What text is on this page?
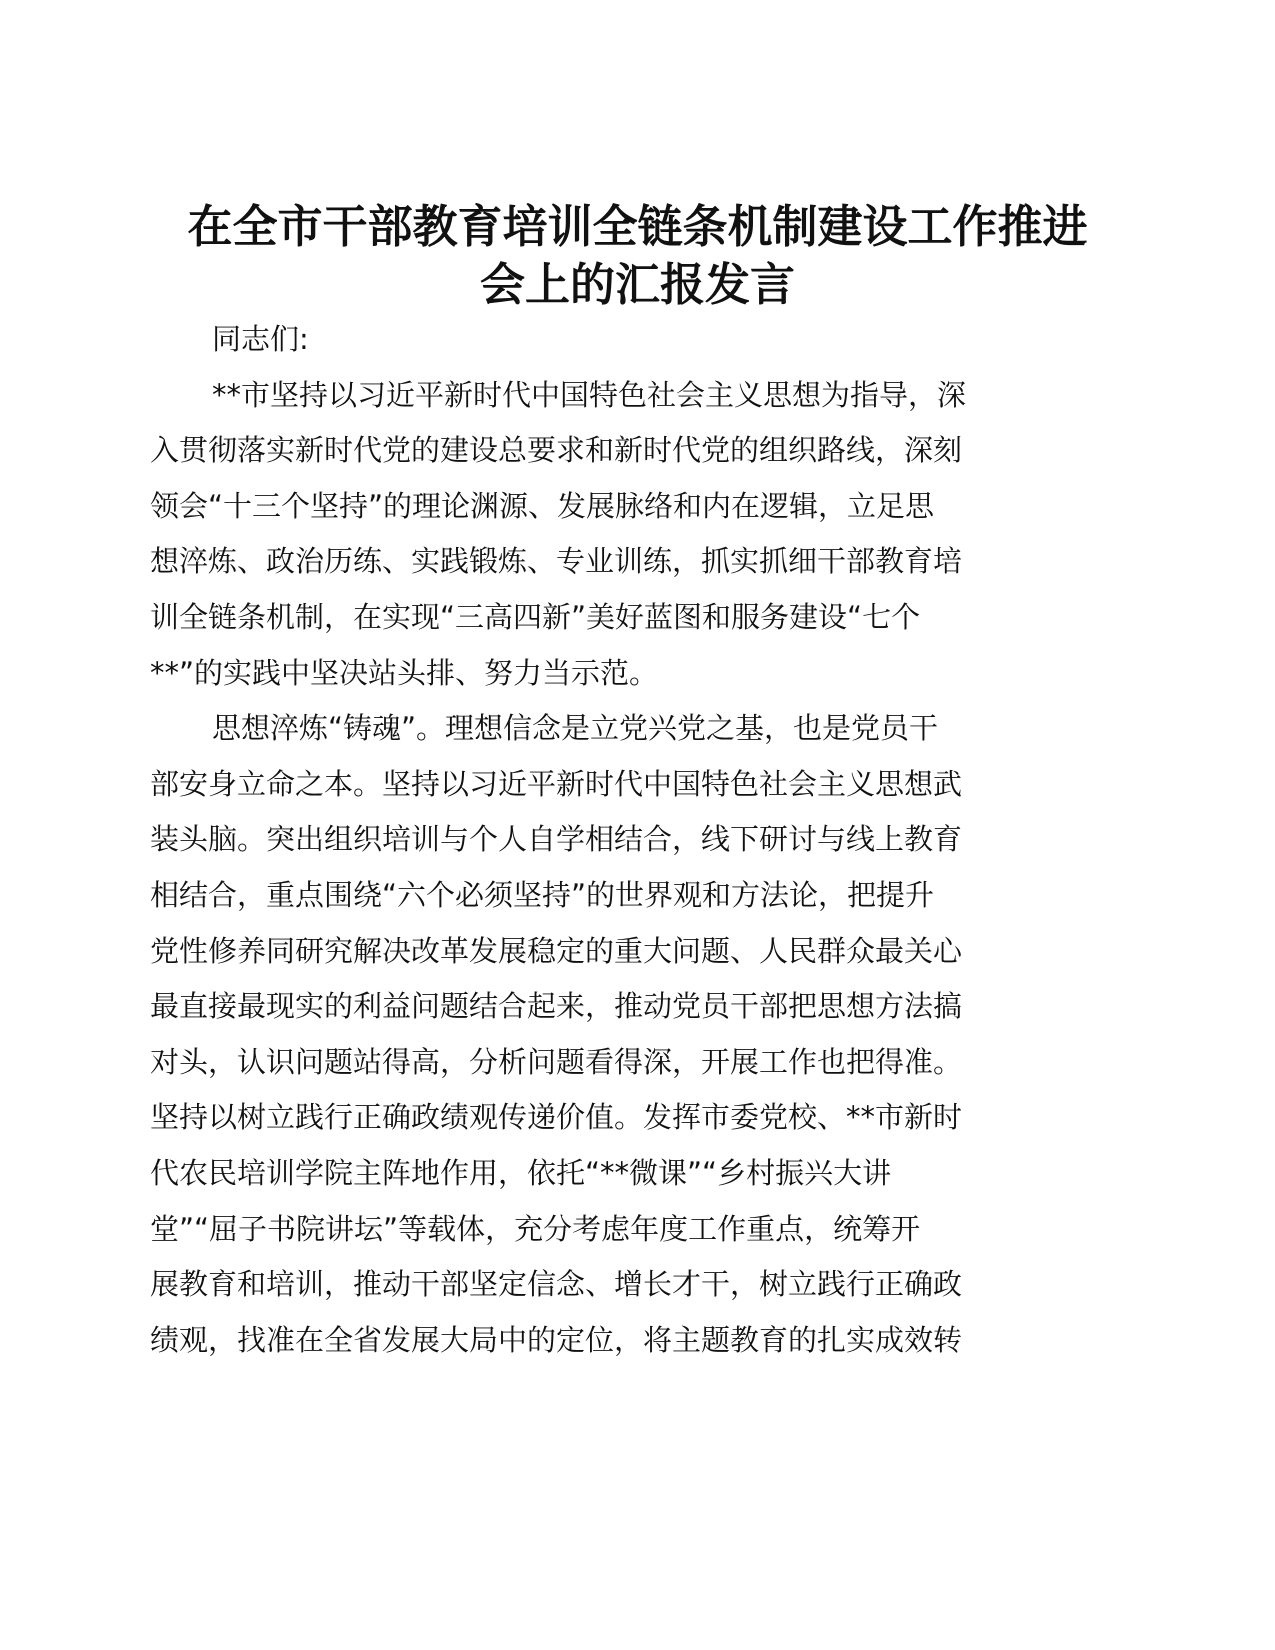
在全市干部教育培训全链条机制建设工作推进
会上的汇报发言

同志们:

**市坚持以习近平新时代中国特色社会主义思想为指导，深
入贯彻落实新时代党的建设总要求和新时代党的组织路线，深刻
领会“十三个坚持”的理论渊源、发展脉络和内在逻辑，立足思
想淬炼、政治历练、实践锻炼、专业训练，抓实抓细干部教育培
训全链条机制，在实现“三高四新”美好蓝图和服务建设“七个
**”的实践中坚决站头排、努力当示范。

思想淬炼“铸魂”。理想信念是立党兴党之基，也是党员干
部安身立命之本。坚持以习近平新时代中国特色社会主义思想武
装头脑。突出组织培训与个人自学相结合，线下研讨与线上教育
相结合，重点围绕“六个必须坚持”的世界观和方法论，把提升
党性修养同研究解决改革发展稳定的重大问题、人民群众最关心
最直接最现实的利益问题结合起来，推动党员干部把思想方法搞
对头，认识问题站得高，分析问题看得深，开展工作也把得准。
坚持以树立践行正确政绩观传递价值。发挥市委党校、**市新时
代农民培训学院主阵地作用，依托“**微课”“乡村振兴大讲
堂”“屈子书院讲坛”等载体，充分考虑年度工作重点，统筹开
展教育和培训，推动干部坚定信念、增长才干，树立践行正确政
绩观，找准在全省发展大局中的定位，将主题教育的扎实成效转
